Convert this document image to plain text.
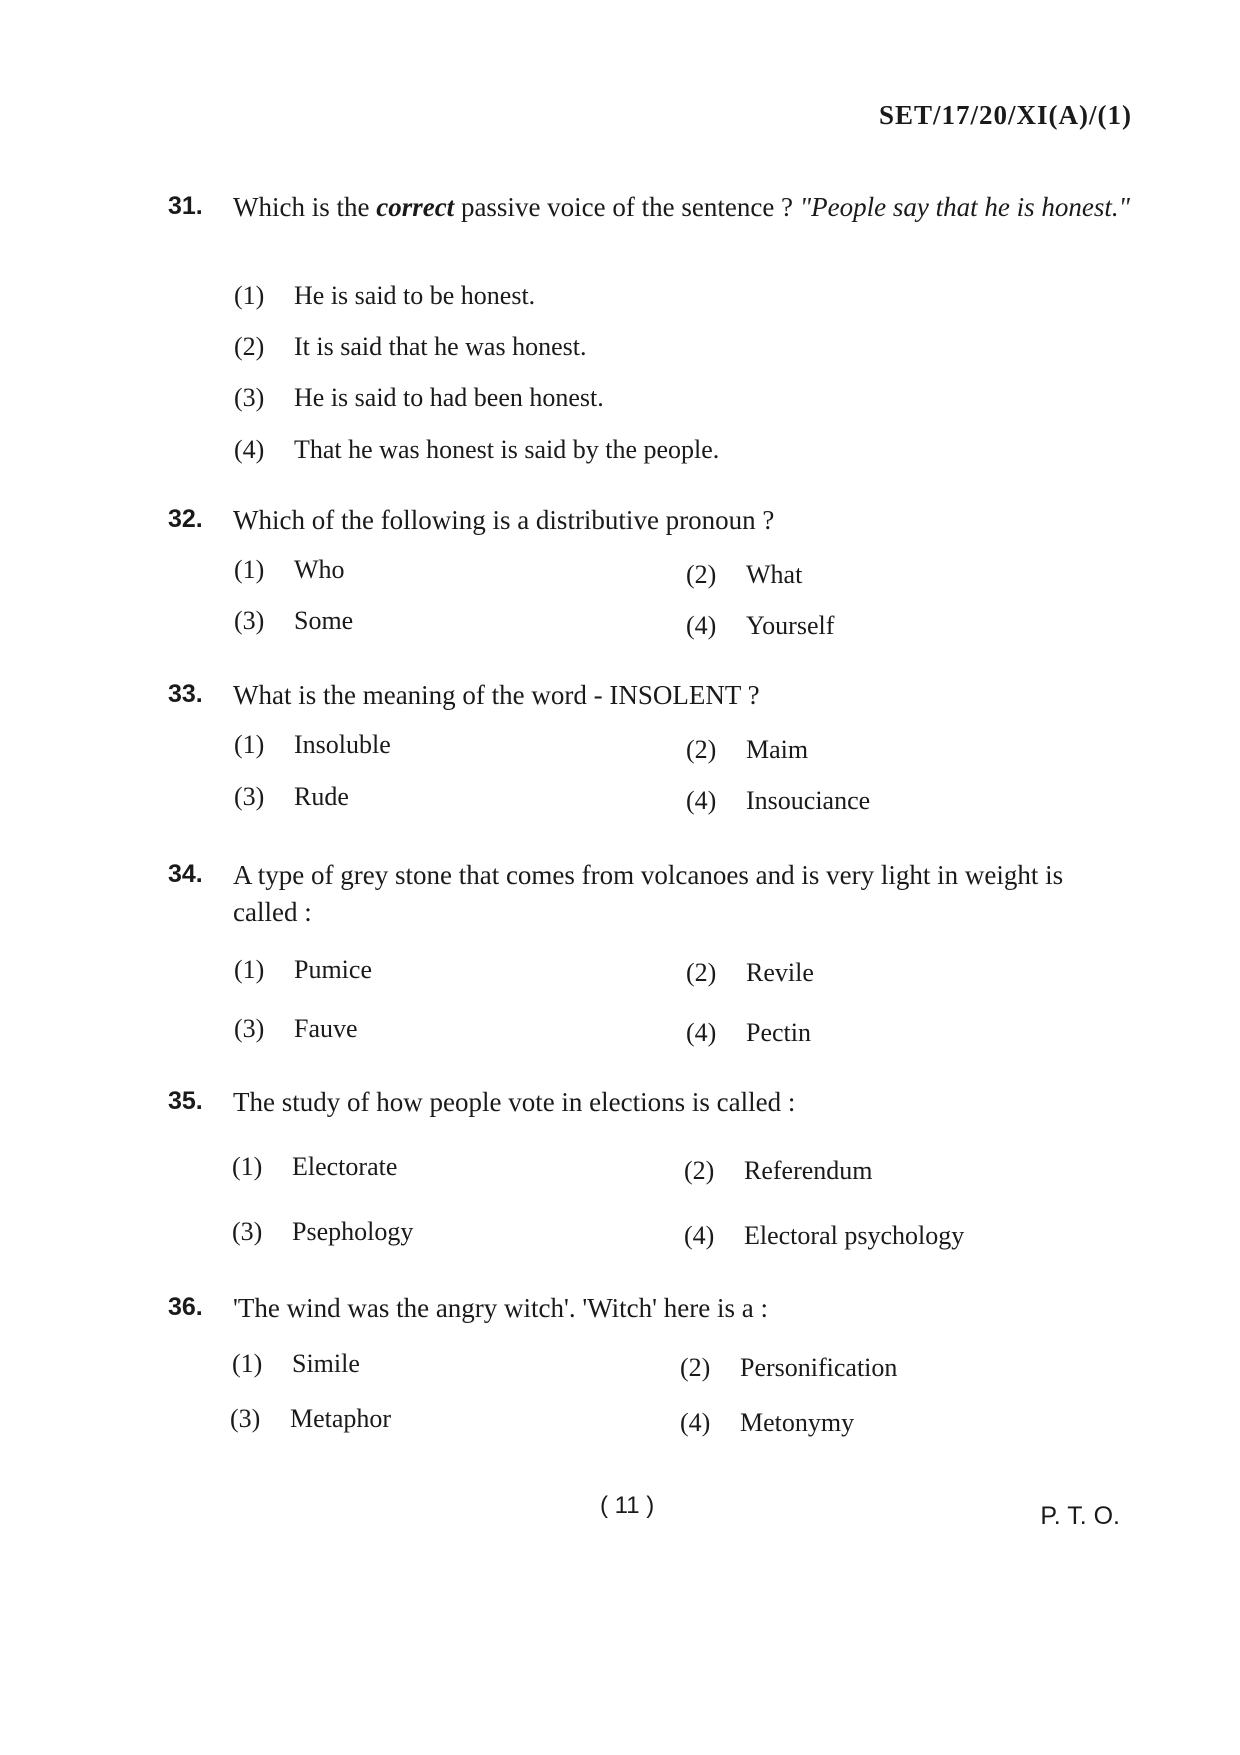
SET/17/20/XI(A)/(1)
31. Which is the correct passive voice of the sentence ? "People say that he is honest."
(1) He is said to be honest.
(2) It is said that he was honest.
(3) He is said to had been honest.
(4) That he was honest is said by the people.
32. Which of the following is a distributive pronoun ?
(1) Who	(2) What
(3) Some	(4) Yourself
33. What is the meaning of the word - INSOLENT ?
(1) Insoluble	(2) Maim
(3) Rude	(4) Insouciance
34. A type of grey stone that comes from volcanoes and is very light in weight is called :
(1) Pumice	(2) Revile
(3) Fauve	(4) Pectin
35. The study of how people vote in elections is called :
(1) Electorate	(2) Referendum
(3) Psephology	(4) Electoral psychology
36. 'The wind was the angry witch'. 'Witch' here is a :
(1) Simile	(2) Personification
(3) Metaphor	(4) Metonymy
( 11 )	P. T. O.
